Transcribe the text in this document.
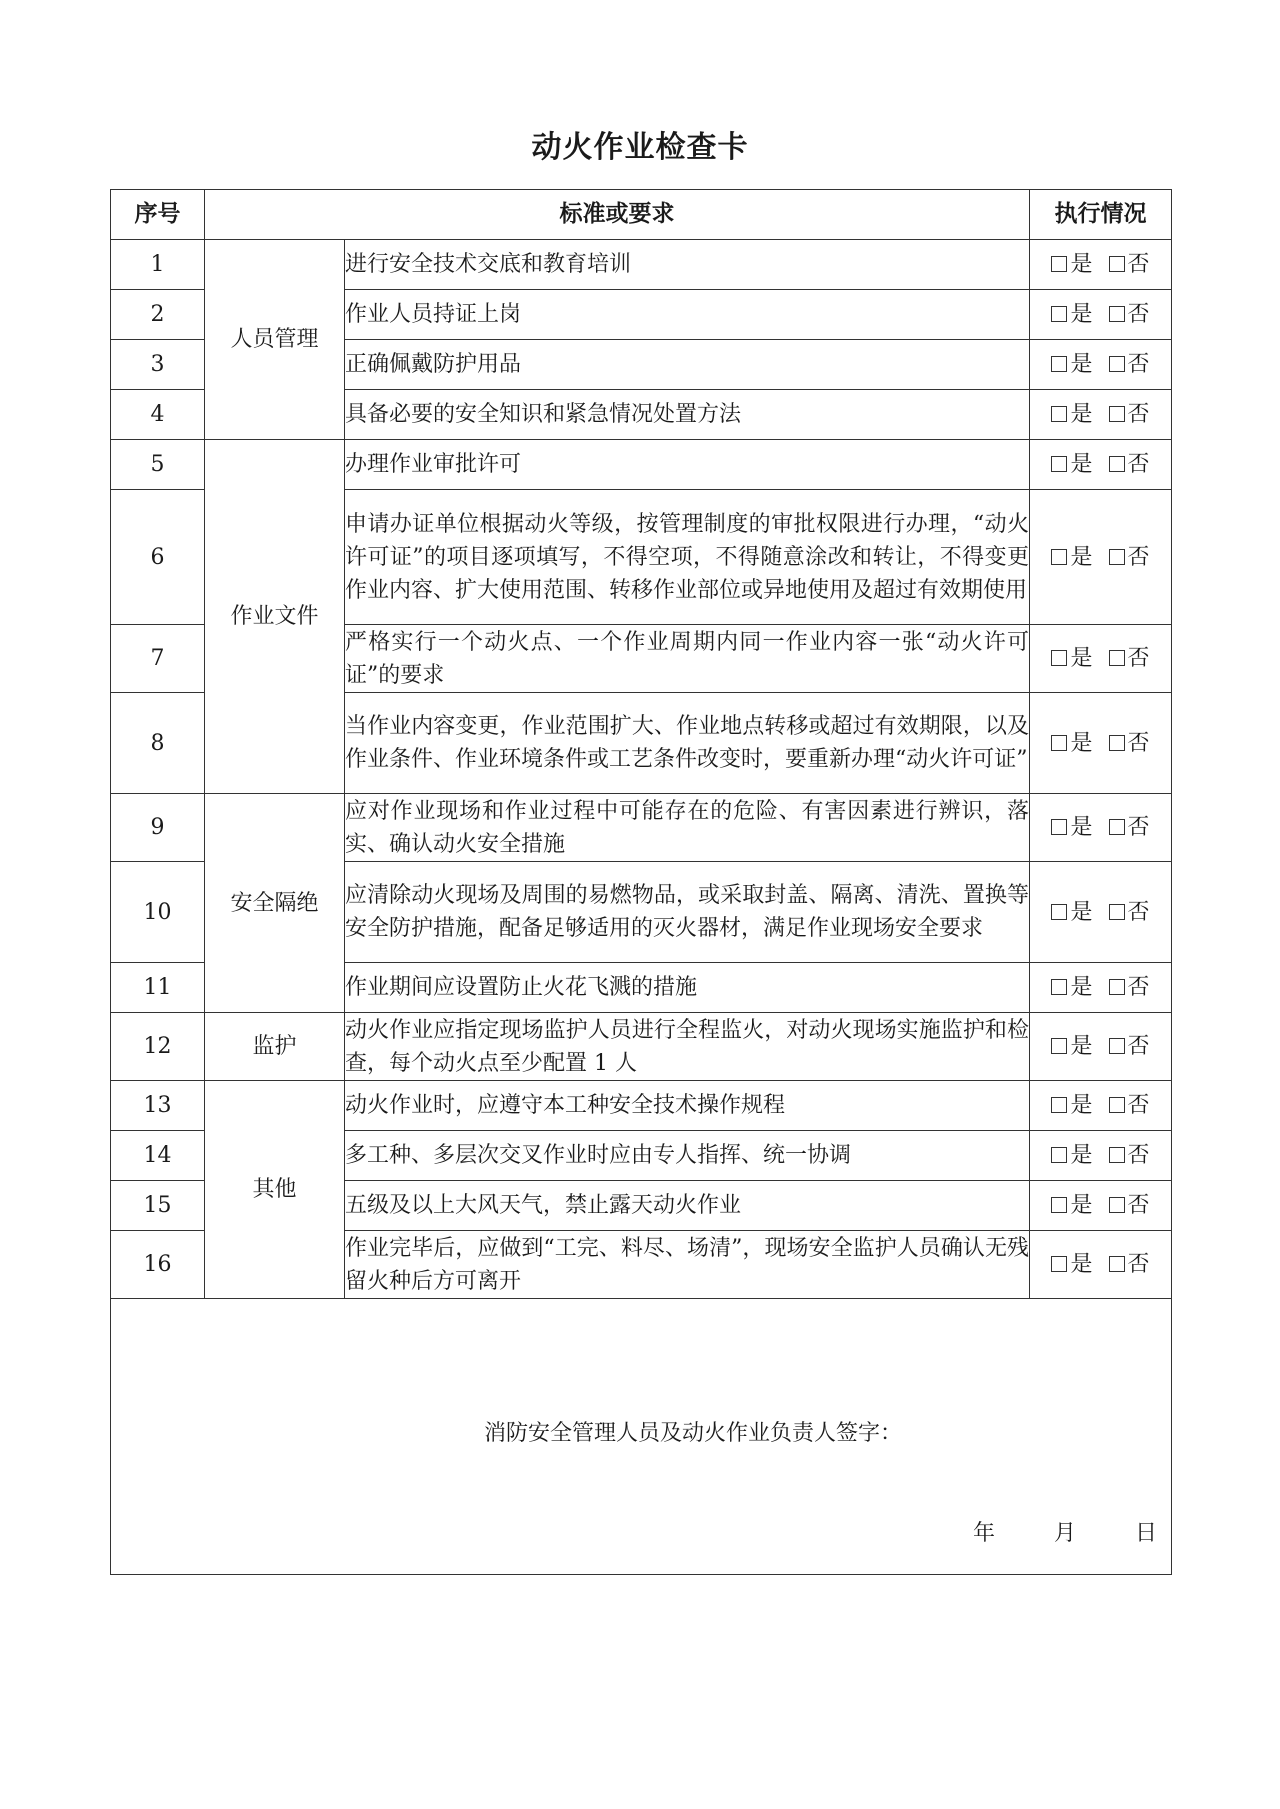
动火作业检查卡
序号	标准或要求		执行情况
1	人员管理	进行安全技术交底和教育培训	是 否
2		作业人员持证上岗	是 否
3		正确佩戴防护用品	是 否
4		具备必要的安全知识和紧急情况处置方法	是 否
5	作业文件	办理作业审批许可	是 否
6		申请办证单位根据动火等级，按管理制度的审批权限进行办理，“动火许可证”的项目逐项填写，不得空项，不得随意涂改和转让，不得变更作业内容、扩大使用范围、转移作业部位或异地使用及超过有效期使用	是 否
7		严格实行一个动火点、一个作业周期内同一作业内容一张“动火许可证”的要求	是 否
8		当作业内容变更，作业范围扩大、作业地点转移或超过有效期限，以及作业条件、作业环境条件或工艺条件改变时，要重新办理“动火许可证”	是 否
9	安全隔绝	应对作业现场和作业过程中可能存在的危险、有害因素进行辨识，落实、确认动火安全措施	是 否
10		应清除动火现场及周围的易燃物品，或采取封盖、隔离、清洗、置换等安全防护措施，配备足够适用的灭火器材，满足作业现场安全要求	是 否
11		作业期间应设置防止火花飞溅的措施	是 否
12	监护	动火作业应指定现场监护人员进行全程监火，对动火现场实施监护和检查，每个动火点至少配置 1 人	是 否
13	其他	动火作业时，应遵守本工种安全技术操作规程	是 否
14		多工种、多层次交叉作业时应由专人指挥、统一协调	是 否
15		五级及以上大风天气，禁止露天动火作业	是 否
16		作业完毕后，应做到“工完、料尽、场清”，现场安全监护人员确认无残留火种后方可离开	是 否

消防安全管理人员及动火作业负责人签字：
年 月 日			
